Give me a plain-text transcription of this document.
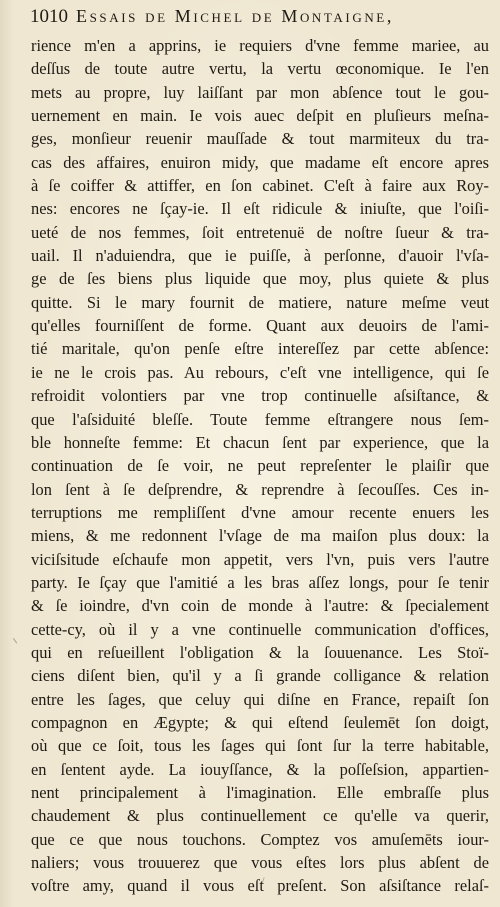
1010 Essais de Michel de Montaigne,
rience m'en a apprins, ie requiers d'vne femme mariee, au
deſſus de toute autre vertu, la vertu œconomique. Ie l'en
mets au propre, luy laiſſant par mon abſence tout le gou-
uernement en main. Ie vois auec deſpit en pluſieurs meſna-
ges, monſieur reuenir mauſſade & tout marmiteux du tra-
cas des affaires, enuiron midy, que madame eſt encore apres
à ſe coiffer & attiffer, en ſon cabinet. C'eſt à faire aux Roy-
nes: encores ne ſçay-ie. Il eſt ridicule & iniuſte, que l'oiſi-
ueté de nos femmes, ſoit entretenuë de noſtre ſueur & tra-
uail. Il n'aduiendra, que ie puiſſe, à perſonne, d'auoir l'vſa-
ge de ſes biens plus liquide que moy, plus quiete & plus
quitte. Si le mary fournit de matiere, nature meſme veut
qu'elles fourniſſent de forme. Quant aux deuoirs de l'ami-
tié maritale, qu'on penſe eſtre intereſſez par cette abſence:
ie ne le crois pas. Au rebours, c'eſt vne intelligence, qui ſe
refroidit volontiers par vne trop continuelle aſsiſtance, &
que l'aſsiduité bleſſe. Toute femme eſtrangere nous ſem-
ble honneſte femme: Et chacun ſent par experience, que la
continuation de ſe voir, ne peut repreſenter le plaiſir que
lon ſent à ſe deſprendre, & reprendre à ſecouſſes. Ces in-
terruptions me rempliſſent d'vne amour recente enuers les
miens, & me redonnent l'vſage de ma maiſon plus doux: la
viciſsitude eſchaufe mon appetit, vers l'vn, puis vers l'autre
party. Ie ſçay que l'amitié a les bras aſſez longs, pour ſe tenir
& ſe ioindre, d'vn coin de monde à l'autre: & ſpecialement
cette-cy, où il y a vne continuelle communication d'offices,
qui en reſueillent l'obligation & la ſouuenance. Les Stoï-
ciens diſent bien, qu'il y a ſi grande colligance & relation
entre les ſages, que celuy qui diſne en France, repaiſt ſon
compagnon en Ægypte; & qui eſtend ſeulemēt ſon doigt,
où que ce ſoit, tous les ſages qui ſont ſur la terre habitable,
en ſentent ayde. La iouyſſance, & la poſſeſsion, appartien-
nent principalement à l'imagination. Elle embraſſe plus
chaudement & plus continuellement ce qu'elle va querir,
que ce que nous touchons. Comptez vos amuſemēts iour-
naliers; vous trouuerez que vous eſtes lors plus abſent de
voſtre amy, quand il vous eſt preſent. Son aſsiſtance relaſ-
